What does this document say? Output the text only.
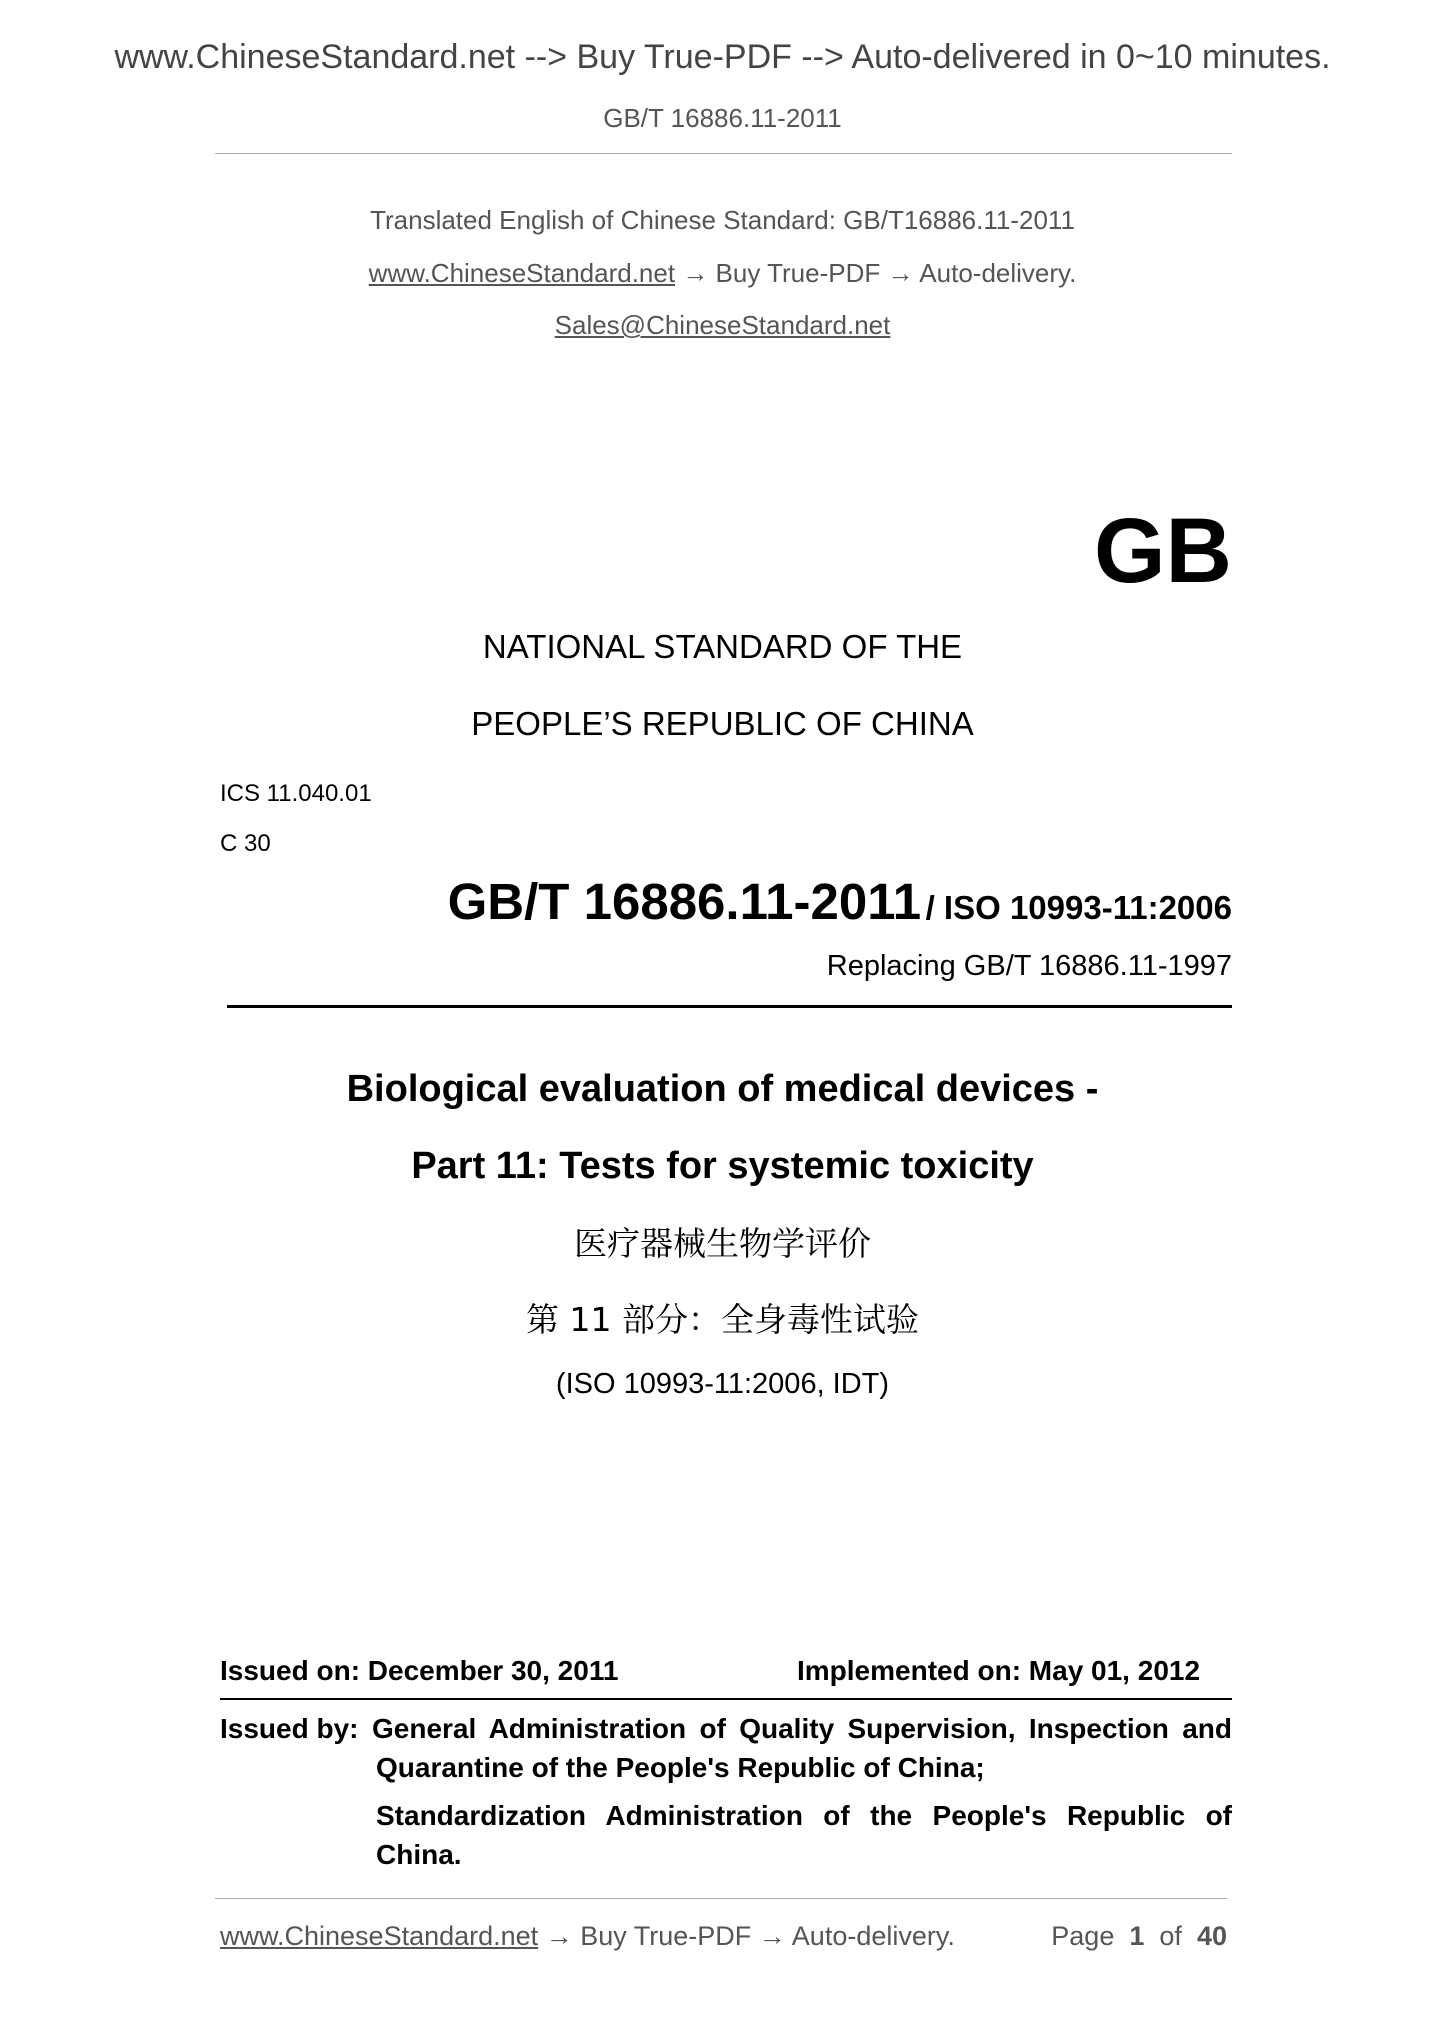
www.ChineseStandard.net --> Buy True-PDF --> Auto-delivered in 0~10 minutes.
GB/T 16886.11-2011
Translated English of Chinese Standard: GB/T16886.11-2011
www.ChineseStandard.net → Buy True-PDF → Auto-delivery.
Sales@ChineseStandard.net
GB
NATIONAL STANDARD OF THE
PEOPLE’S REPUBLIC OF CHINA
ICS 11.040.01
C 30
GB/T 16886.11-2011 / ISO 10993-11:2006
Replacing GB/T 16886.11-1997
Biological evaluation of medical devices -
Part 11: Tests for systemic toxicity
医疗器械生物学评价
第 11 部分：全身毒性试验
(ISO 10993-11:2006, IDT)
Issued on: December 30, 2011	Implemented on: May 01, 2012
Issued by: General Administration of Quality Supervision, Inspection and
Quarantine of the People's Republic of China;
Standardization Administration of the People's Republic of
China.
www.ChineseStandard.net → Buy True-PDF → Auto-delivery.	Page 1 of 40
